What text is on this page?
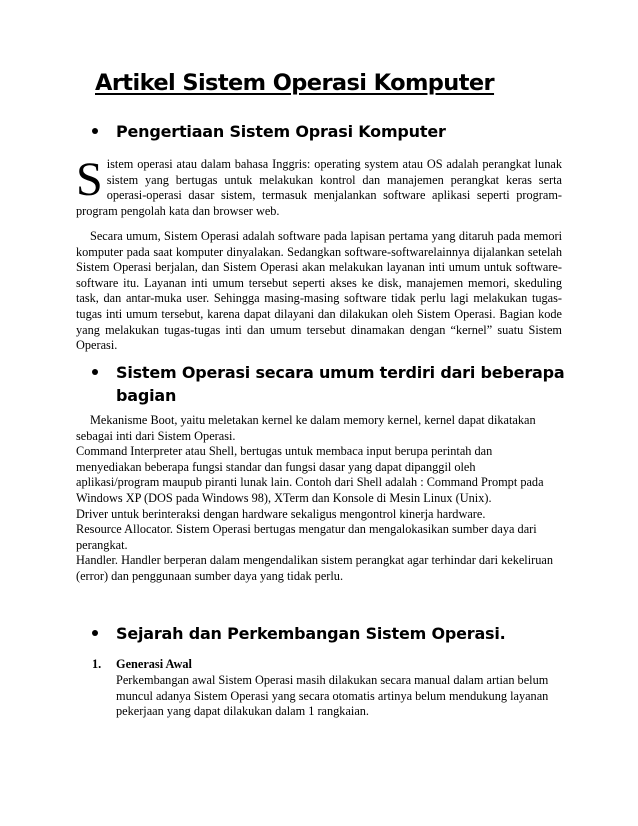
Artikel Sistem Operasi Komputer
Pengertiaan Sistem Oprasi Komputer

Sistem operasi atau dalam bahasa Inggris: operating system atau OS adalah perangkat lunak sistem yang bertugas untuk melakukan kontrol dan manajemen perangkat keras serta operasi-operasi dasar sistem, termasuk menjalankan software aplikasi seperti program-program pengolah kata dan browser web.

Secara umum, Sistem Operasi adalah software pada lapisan pertama yang ditaruh pada memori komputer pada saat komputer dinyalakan. Sedangkan software-softwarelainnya dijalankan setelah Sistem Operasi berjalan, dan Sistem Operasi akan melakukan layanan inti umum untuk software-software itu. Layanan inti umum tersebut seperti akses ke disk, manajemen memori, skeduling task, dan antar-muka user. Sehingga masing-masing software tidak perlu lagi melakukan tugas-tugas inti umum tersebut, karena dapat dilayani dan dilakukan oleh Sistem Operasi. Bagian kode yang melakukan tugas-tugas inti dan umum tersebut dinamakan dengan “kernel” suatu Sistem Operasi.

Sistem Operasi secara umum terdiri dari beberapa
bagian
Mekanisme Boot, yaitu meletakan kernel ke dalam memory kernel, kernel dapat dikatakan
sebagai inti dari Sistem Operasi.
Command Interpreter atau Shell, bertugas untuk membaca input berupa perintah dan
menyediakan beberapa fungsi standar dan fungsi dasar yang dapat dipanggil oleh
aplikasi/program maupub piranti lunak lain. Contoh dari Shell adalah : Command Prompt pada
Windows XP (DOS pada Windows 98), XTerm dan Konsole di Mesin Linux (Unix).
Driver untuk berinteraksi dengan hardware sekaligus mengontrol kinerja hardware.
Resource Allocator. Sistem Operasi bertugas mengatur dan mengalokasikan sumber daya dari
perangkat.
Handler. Handler berperan dalam mengendalikan sistem perangkat agar terhindar dari kekeliruan
(error) dan penggunaan sumber daya yang tidak perlu.
Sejarah dan Perkembangan Sistem Operasi.
1. Generasi Awal

Perkembangan awal Sistem Operasi masih dilakukan secara manual dalam artian belum

muncul adanya Sistem Operasi yang secara otomatis artinya belum mendukung layanan

pekerjaan yang dapat dilakukan dalam 1 rangkaian.
